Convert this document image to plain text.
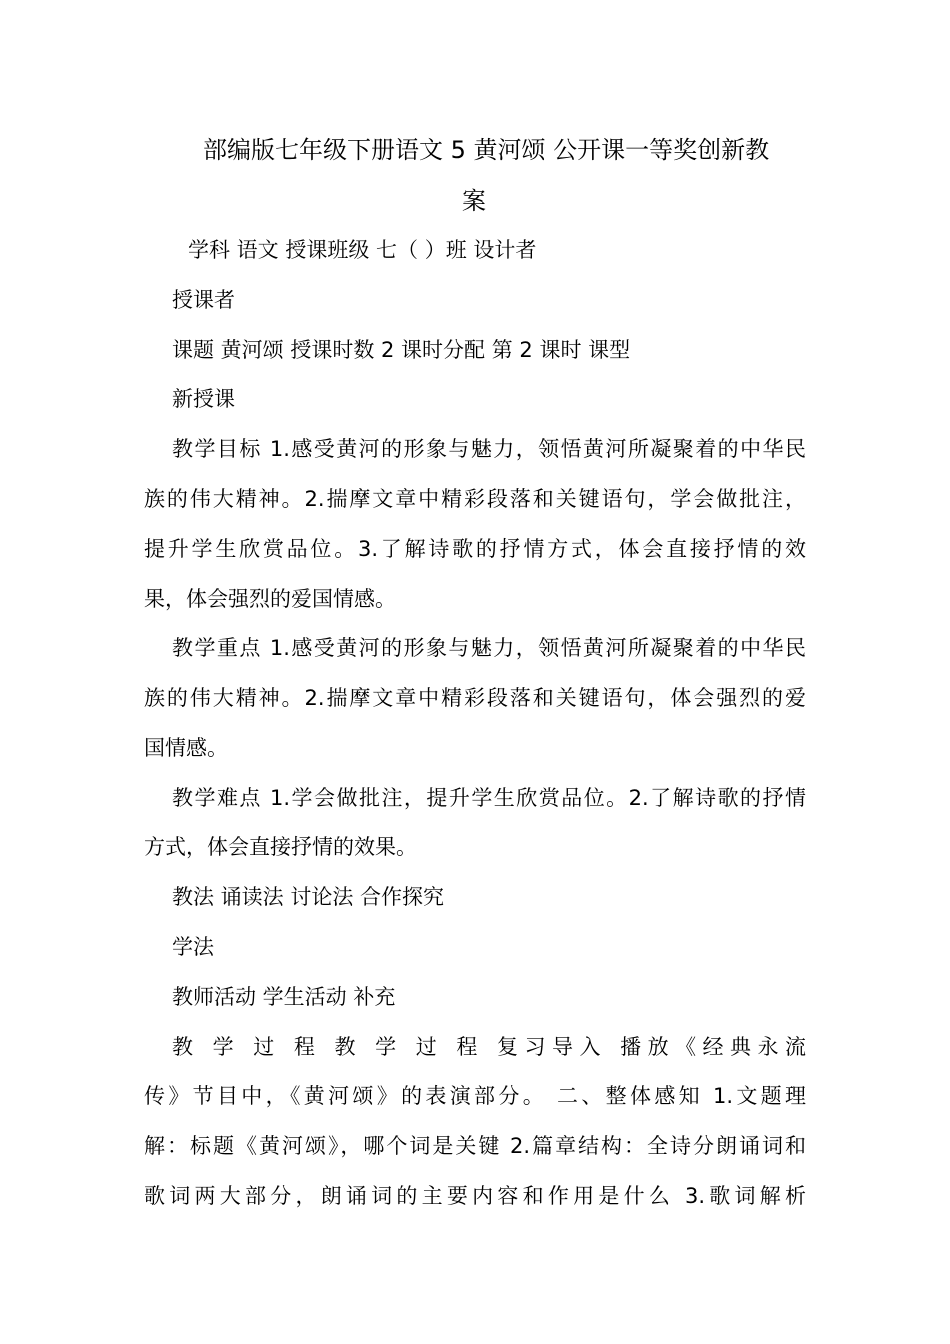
部编版七年级下册语文 5 黄河颂 公开课一等奖创新教
案
学科 语文 授课班级 七（ ）班 设计者
授课者
课题 黄河颂 授课时数 2 课时分配 第 2 课时 课型
新授课
教学目标 1.感受黄河的形象与魅力，领悟黄河所凝聚着的中华民
族的伟大精神。2.揣摩文章中精彩段落和关键语句，学会做批注，
提升学生欣赏品位。3.了解诗歌的抒情方式，体会直接抒情的效
果，体会强烈的爱国情感。
教学重点 1.感受黄河的形象与魅力，领悟黄河所凝聚着的中华民
族的伟大精神。2.揣摩文章中精彩段落和关键语句，体会强烈的爱
国情感。
教学难点 1.学会做批注，提升学生欣赏品位。2.了解诗歌的抒情
方式，体会直接抒情的效果。
教法 诵读法 讨论法 合作探究
学法
教师活动 学生活动 补充
教 学 过 程 教 学 过 程 复习导入 播放《经典永流
传》节目中，《黄河颂》的表演部分。 二、整体感知 1.文题理
解：标题《黄河颂》，哪个词是关键 2.篇章结构：全诗分朗诵词和
歌词两大部分，朗诵词的主要内容和作用是什么 3.歌词解析
